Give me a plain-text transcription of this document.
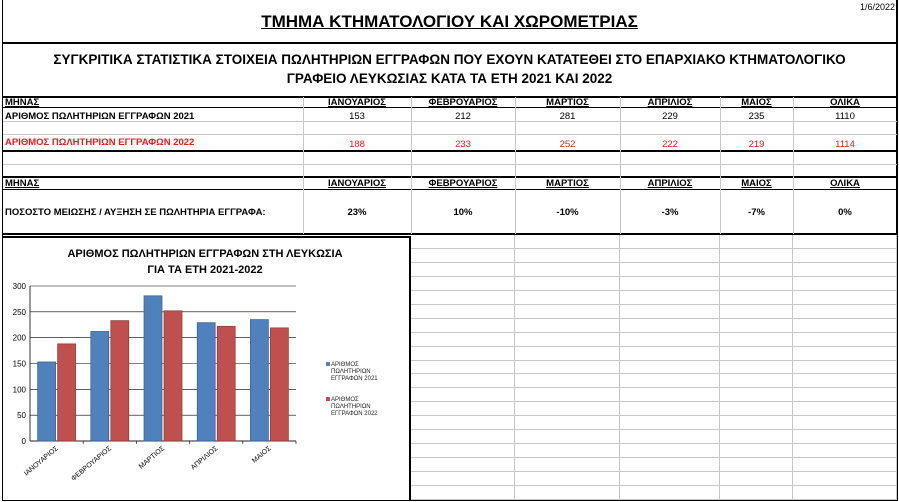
1/6/2022
ΤΜΗΜΑ ΚΤΗΜΑΤΟΛΟΓΙΟΥ ΚΑΙ ΧΩΡΟΜΕΤΡΙΑΣ
ΣΥΓΚΡΙΤΙΚΑ ΣΤΑΤΙΣΤΙΚΑ ΣΤΟΙΧΕΙΑ ΠΩΛΗΤΗΡΙΩΝ ΕΓΓΡΑΦΩΝ ΠΟΥ ΕΧΟΥΝ ΚΑΤΑΤΕΘΕΙ ΣΤΟ ΕΠΑΡΧΙΑΚΟ ΚΤΗΜΑΤΟΛΟΓΙΚΟ
ΓΡΑΦΕΙΟ ΛΕΥΚΩΣΙΑΣ ΚΑΤΑ ΤΑ ΕΤΗ 2021 ΚΑΙ 2022
ΜΗΝΑΣ	ΙΑΝΟΥΑΡΙΟΣ	ΦΕΒΡΟΥΑΡΙΟΣ	ΜΑΡΤΙΟΣ	ΑΠΡΙΛΙΟΣ	ΜΑΙΟΣ	ΟΛΙΚΑ
ΑΡΙΘΜΟΣ ΠΩΛΗΤΗΡΙΩΝ ΕΓΓΡΑΦΩΝ 2021	153	212	281	229	235	1110
ΑΡΙΘΜΟΣ ΠΩΛΗΤΗΡΙΩΝ ΕΓΓΡΑΦΩΝ 2022	188	233	252	222	219	1114
ΜΗΝΑΣ	ΙΑΝΟΥΑΡΙΟΣ	ΦΕΒΡΟΥΑΡΙΟΣ	ΜΑΡΤΙΟΣ	ΑΠΡΙΛΙΟΣ	ΜΑΙΟΣ	ΟΛΙΚΑ
ΠΟΣΟΣΤΟ ΜΕΙΩΣΗΣ / ΑΥΞΗΣΗ ΣΕ ΠΩΛΗΤΗΡΙΑ ΕΓΓΡΑΦΑ:	23%	10%	-10%	-3%	-7%	0%
ΑΡΙΘΜΟΣ ΠΩΛΗΤΗΡΙΩΝ ΕΓΓΡΑΦΩΝ ΣΤΗ ΛΕΥΚΩΣΙΑ
ΓΙΑ ΤΑ ΕΤΗ 2021-2022
0
50
100
150
200
250
300
ΙΑΝΟΥΑΡΙΟΣ ΦΕΒΡΟΥΑΡΙΟΣ	ΜΑΡΤΙΟΣ	ΑΠΡΙΛΙΟΣ	ΜΑΙΟΣ
ΑΡΙΘΜΟΣ
ΠΩΛΗΤΗΡΙΩΝ
ΕΓΓΡΑΦΩΝ 2021
ΑΡΙΘΜΟΣ
ΠΩΛΗΤΗΡΙΩΝ
ΕΓΓΡΑΦΩΝ 2022
